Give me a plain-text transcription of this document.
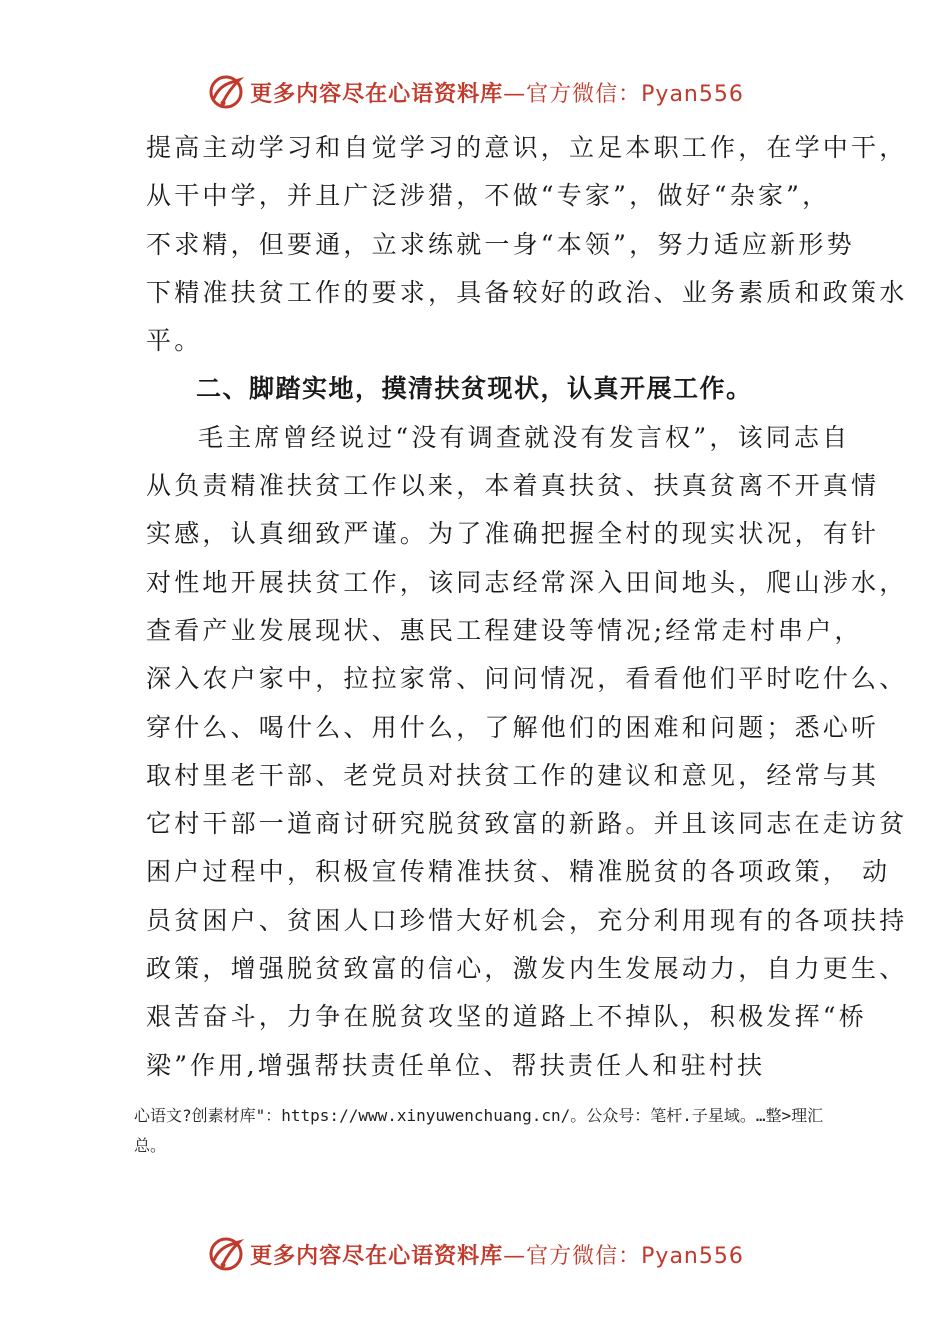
更多内容尽在心语资料库—官方微信：Pyan556
提高主动学习和自觉学习的意识，立足本职工作，在学中干，
从干中学，并且广泛涉猎，不做“专家”，做好“杂家”，
不求精，但要通，立求练就一身“本领”，努力适应新形势
下精准扶贫工作的要求，具备较好的政治、业务素质和政策水
平。
二、脚踏实地，摸清扶贫现状，认真开展工作。
毛主席曾经说过“没有调查就没有发言权”，该同志自
从负责精准扶贫工作以来，本着真扶贫、扶真贫离不开真情
实感，认真细致严谨。为了准确把握全村的现实状况，有针
对性地开展扶贫工作，该同志经常深入田间地头，爬山涉水，
查看产业发展现状、惠民工程建设等情况;经常走村串户，
深入农户家中，拉拉家常、问问情况，看看他们平时吃什么、
穿什么、喝什么、用什么，了解他们的困难和问题；悉心听
取村里老干部、老党员对扶贫工作的建议和意见，经常与其
它村干部一道商讨研究脱贫致富的新路。并且该同志在走访贫
困户过程中，积极宣传精准扶贫、精准脱贫的各项政策， 动
员贫困户、贫困人口珍惜大好机会，充分利用现有的各项扶持
政策，增强脱贫致富的信心，激发内生发展动力，自力更生、
艰苦奋斗，力争在脱贫攻坚的道路上不掉队，积极发挥“桥
梁”作用,增强帮扶责任单位、帮扶责任人和驻村扶
心语文?创素材库"：https://www.xinyuwenchuang.cn/。公众号：笔杆.子星域。…整>理汇总。
更多内容尽在心语资料库—官方微信：Pyan556
